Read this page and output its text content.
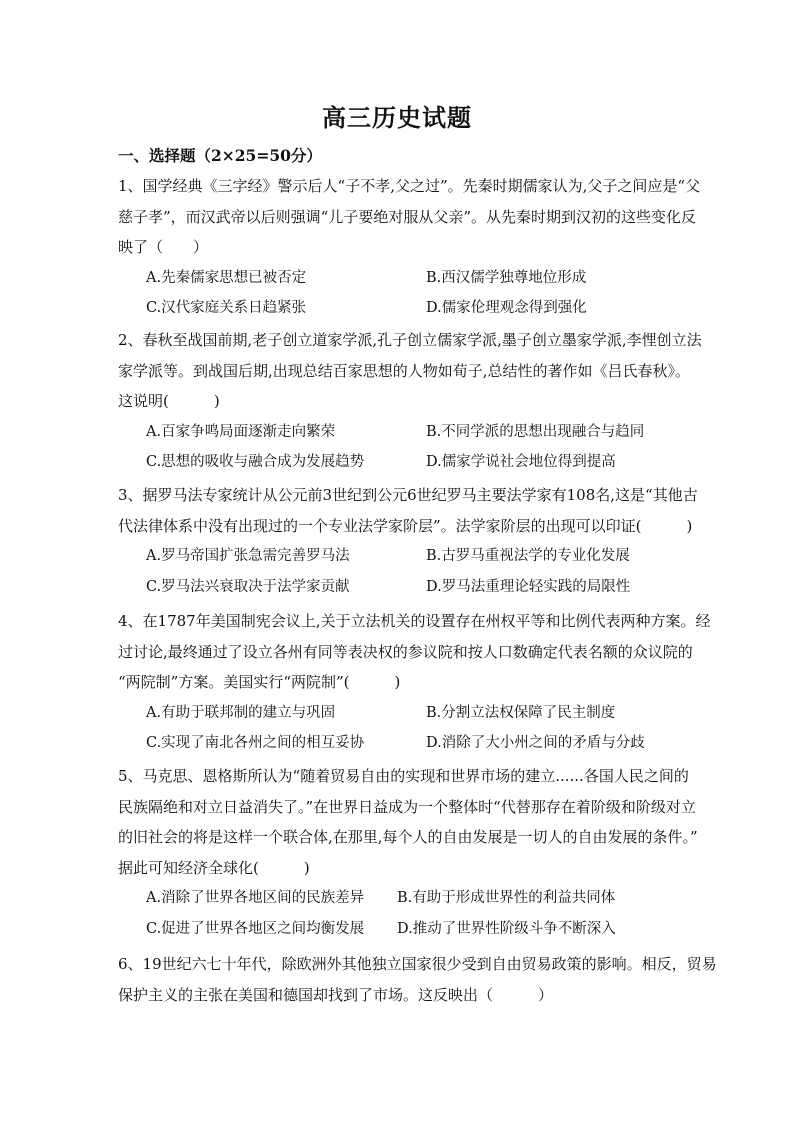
高三历史试题
一、选择题（2×25=50分）
1、国学经典《三字经》警示后人“子不孝,父之过”。先秦时期儒家认为,父子之间应是“父
慈子孝”，而汉武帝以后则强调“儿子要绝对服从父亲”。从先秦时期到汉初的这些变化反
映了（　　）
A.先秦儒家思想已被否定	B.西汉儒学独尊地位形成
C.汉代家庭关系日趋紧张	D.儒家伦理观念得到强化
2、春秋至战国前期,老子创立道家学派,孔子创立儒家学派,墨子创立墨家学派,李悝创立法
家学派等。到战国后期,出现总结百家思想的人物如荀子,总结性的著作如《吕氏春秋》。
这说明(　　　)
A.百家争鸣局面逐渐走向繁荣	B.不同学派的思想出现融合与趋同
C.思想的吸收与融合成为发展趋势	D.儒家学说社会地位得到提高
3、据罗马法专家统计从公元前3世纪到公元6世纪罗马主要法学家有108名,这是“其他古
代法律体系中没有出现过的一个专业法学家阶层”。法学家阶层的出现可以印证(　　　)
A.罗马帝国扩张急需完善罗马法	B.古罗马重视法学的专业化发展
C.罗马法兴衰取决于法学家贡献	D.罗马法重理论轻实践的局限性
4、在1787年美国制宪会议上,关于立法机关的设置存在州权平等和比例代表两种方案。经
过讨论,最终通过了设立各州有同等表决权的参议院和按人口数确定代表名额的众议院的
“两院制”方案。美国实行“两院制”(　　　)
A.有助于联邦制的建立与巩固	B.分割立法权保障了民主制度
C.实现了南北各州之间的相互妥协	D.消除了大小州之间的矛盾与分歧
5、马克思、恩格斯所认为“随着贸易自由的实现和世界市场的建立......各国人民之间的
民族隔绝和对立日益消失了。”在世界日益成为一个整体时“代替那存在着阶级和阶级对立
的旧社会的将是这样一个联合体,在那里,每个人的自由发展是一切人的自由发展的条件。”
据此可知经济全球化(　　　)
A.消除了世界各地区间的民族差异 B.有助于形成世界性的利益共同体
C.促进了世界各地区之间均衡发展 D.推动了世界性阶级斗争不断深入
6、19世纪六七十年代，除欧洲外其他独立国家很少受到自由贸易政策的影响。相反，贸易
保护主义的主张在美国和德国却找到了市场。这反映出（　　　）
